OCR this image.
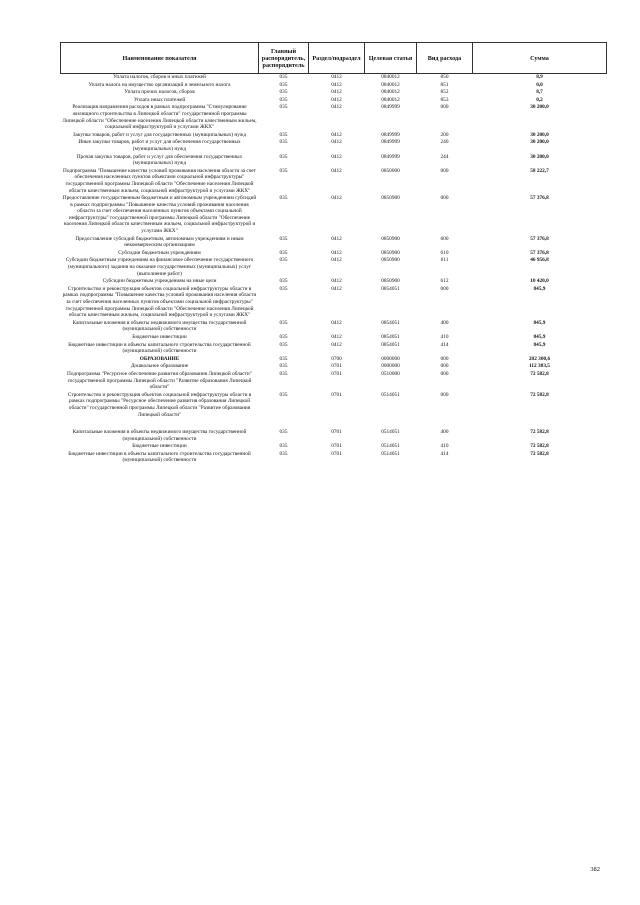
Наименование показателя	Главный распорядитель, распорядитель	Раздел/подраздел	Целевая статья	Вид расхода	Сумма
Уплата налогов, сборов и иных платежей	035	0412	0840012	850	8,9
Уплата налога на имущество организаций и земельного налога	035	0412	0840012	851	0,0
Уплата прочих налогов, сборов	035	0412	0840012	852	8,7
Уплата иных платежей	035	0412	0840012	853	0,2
Реализация направления расходов в рамках подпрограммы "Стимулирование жилищного строительства в Липецкой области" государственной программы Липецкой области "Обеспечение населения Липецкой области качественным жильем, социальной инфраструктурой и услугами ЖКХ"	035	0412	0849999	000	30 200,0
Закупка товаров, работ и услуг для государственных (муниципальных) нужд	035	0412	0849999	200	30 200,0
Иные закупки товаров, работ и услуг для обеспечения государственных (муниципальных) нужд	035	0412	0849999	240	30 200,0
Прочая закупка товаров, работ и услуг для обеспечения государственных (муниципальных) нужд	035	0412	0849999	244	30 200,0
Подпрограмма "Повышение качества условий проживания населения области за счет обеспечения населенных пунктов объектами социальной инфраструктуры" государственной программы Липецкой области "Обеспечение населения Липецкой области качественным жильем, социальной инфраструктурой и услугами ЖКХ"	035	0412	0850000	000	58 222,7
Предоставление государственным бюджетным и автономным учреждениям субсидий в рамках подпрограммы "Повышение качества условий проживания населения области за счет обеспечения населенных пунктов объектами социальной инфраструктуры" государственной программы Липецкой области "Обеспечение населения Липецкой области качественным жильем, социальной инфраструктурой и услугами ЖКХ"	035	0412	0850900	000	57 376,8
Предоставление субсидий бюджетным, автономным учреждениям и иным некоммерческим организациям	035	0412	0850900	600	57 376,8
Субсидии бюджетным учреждениям	035	0412	0850900	610	57 376,8
Субсидии бюджетным учреждениям на финансовое обеспечение государственного (муниципального) задания на оказание государственных (муниципальных) услуг (выполнение работ)	035	0412	0850900	611	46 956,8
Субсидии бюджетным учреждениям на иные цели	035	0412	0850900	612	10 420,0
Строительство и реконструкция объектов социальной инфраструктуры области в рамках подпрограммы "Повышение качества условий проживания населения области за счет обеспечения населенных пунктов объектами социальной инфраструктуры" государственной программы Липецкой области "Обеспечение населения Липецкой области качественным жильем, социальной инфраструктурой и услугами ЖКХ"	035	0412	0854051	000	845,9
Капитальные вложения в объекты недвижимого имущества государственной (муниципальной) собственности	035	0412	0854051	400	845,9
Бюджетные инвестиции	035	0412	0854051	410	845,9
Бюджетные инвестиции в объекты капитального строительства государственной (муниципальной) собственности	035	0412	0854051	414	845,9
ОБРАЗОВАНИЕ	035	0700	0000000	000	202 300,6
Дошкольное образование	035	0701	0000000	000	112 383,5
Подпрограмма "Ресурсное обеспечение развития образования Липецкой области" государственной программы Липецкой области "Развитие образования Липецкой области"	035	0701	0510000	000	72 582,8
Строительство и реконструкция объектов социальной инфраструктуры области в рамках подпрограммы "Ресурсное обеспечение развития образования Липецкой области" государственной программы Липецкой области "Развитие образования Липецкой области"	035	0701	0514051	000	72 582,8
Капитальные вложения в объекты недвижимого имущества государственной (муниципальной) собственности	035	0701	0514051	400	72 582,8
Бюджетные инвестиции	035	0701	0514051	410	72 582,8
Бюджетные инвестиции в объекты капитального строительства государственной (муниципальной) собственности	035	0701	0514051	414	72 582,8
382
